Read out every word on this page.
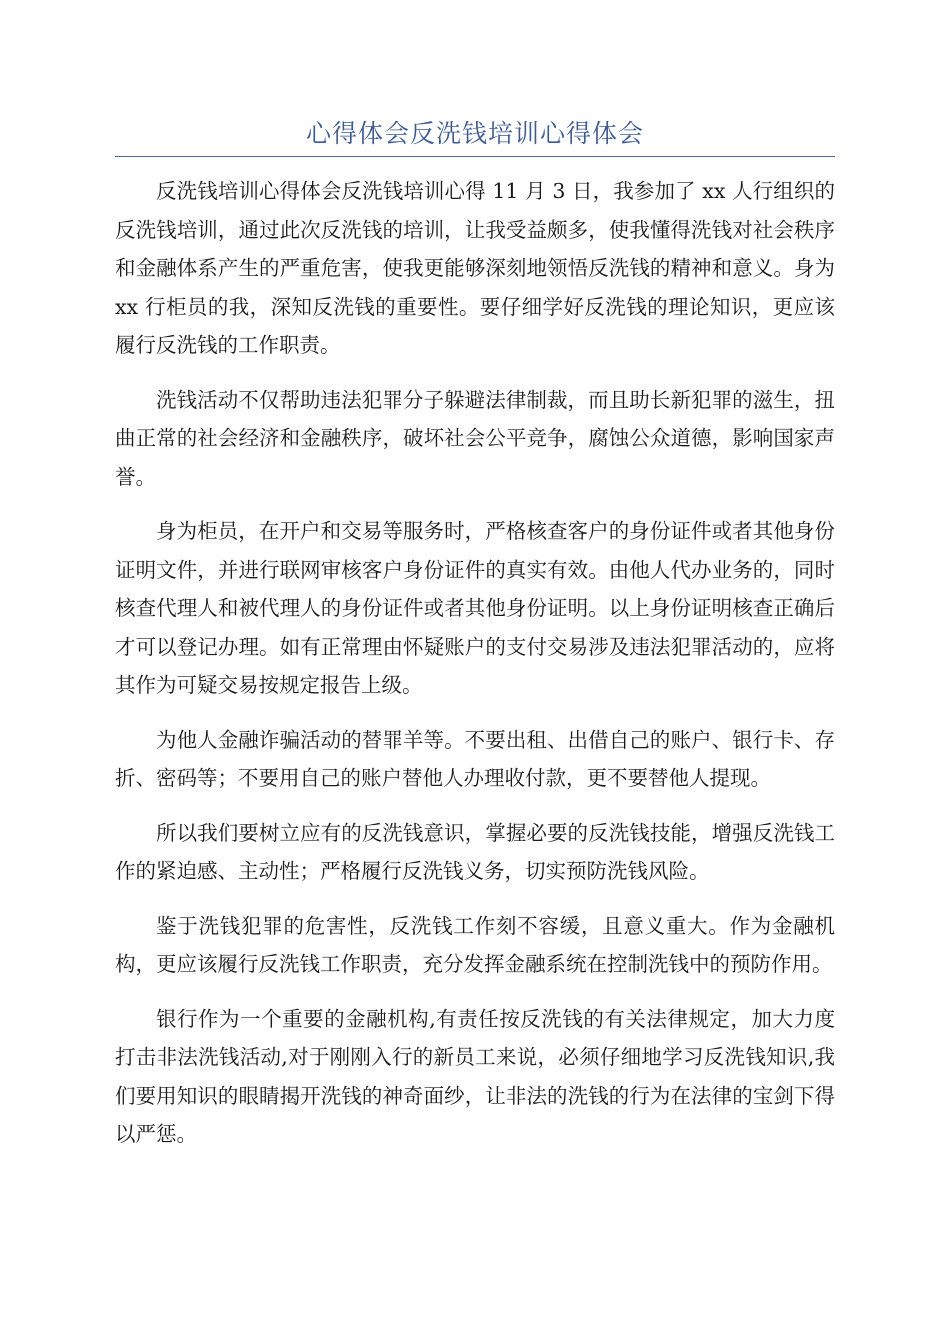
心得体会反洗钱培训心得体会

反洗钱培训心得体会反洗钱培训心得 11 月 3 日，我参加了 xx 人行组织的反洗钱培训，通过此次反洗钱的培训，让我受益颇多，使我懂得洗钱对社会秩序和金融体系产生的严重危害，使我更能够深刻地领悟反洗钱的精神和意义。身为 xx 行柜员的我，深知反洗钱的重要性。要仔细学好反洗钱的理论知识，更应该履行反洗钱的工作职责。

洗钱活动不仅帮助违法犯罪分子躲避法律制裁，而且助长新犯罪的滋生，扭曲正常的社会经济和金融秩序，破坏社会公平竞争，腐蚀公众道德，影响国家声誉。

身为柜员，在开户和交易等服务时，严格核查客户的身份证件或者其他身份证明文件，并进行联网审核客户身份证件的真实有效。由他人代办业务的，同时核查代理人和被代理人的身份证件或者其他身份证明。以上身份证明核查正确后才可以登记办理。如有正常理由怀疑账户的支付交易涉及违法犯罪活动的，应将其作为可疑交易按规定报告上级。

为他人金融诈骗活动的替罪羊等。不要出租、出借自己的账户、银行卡、存折、密码等；不要用自己的账户替他人办理收付款，更不要替他人提现。

所以我们要树立应有的反洗钱意识，掌握必要的反洗钱技能，增强反洗钱工作的紧迫感、主动性；严格履行反洗钱义务，切实预防洗钱风险。

鉴于洗钱犯罪的危害性，反洗钱工作刻不容缓，且意义重大。作为金融机构，更应该履行反洗钱工作职责，充分发挥金融系统在控制洗钱中的预防作用。

银行作为一个重要的金融机构,有责任按反洗钱的有关法律规定，加大力度打击非法洗钱活动,对于刚刚入行的新员工来说，必须仔细地学习反洗钱知识,我们要用知识的眼睛揭开洗钱的神奇面纱，让非法的洗钱的行为在法律的宝剑下得以严惩。
